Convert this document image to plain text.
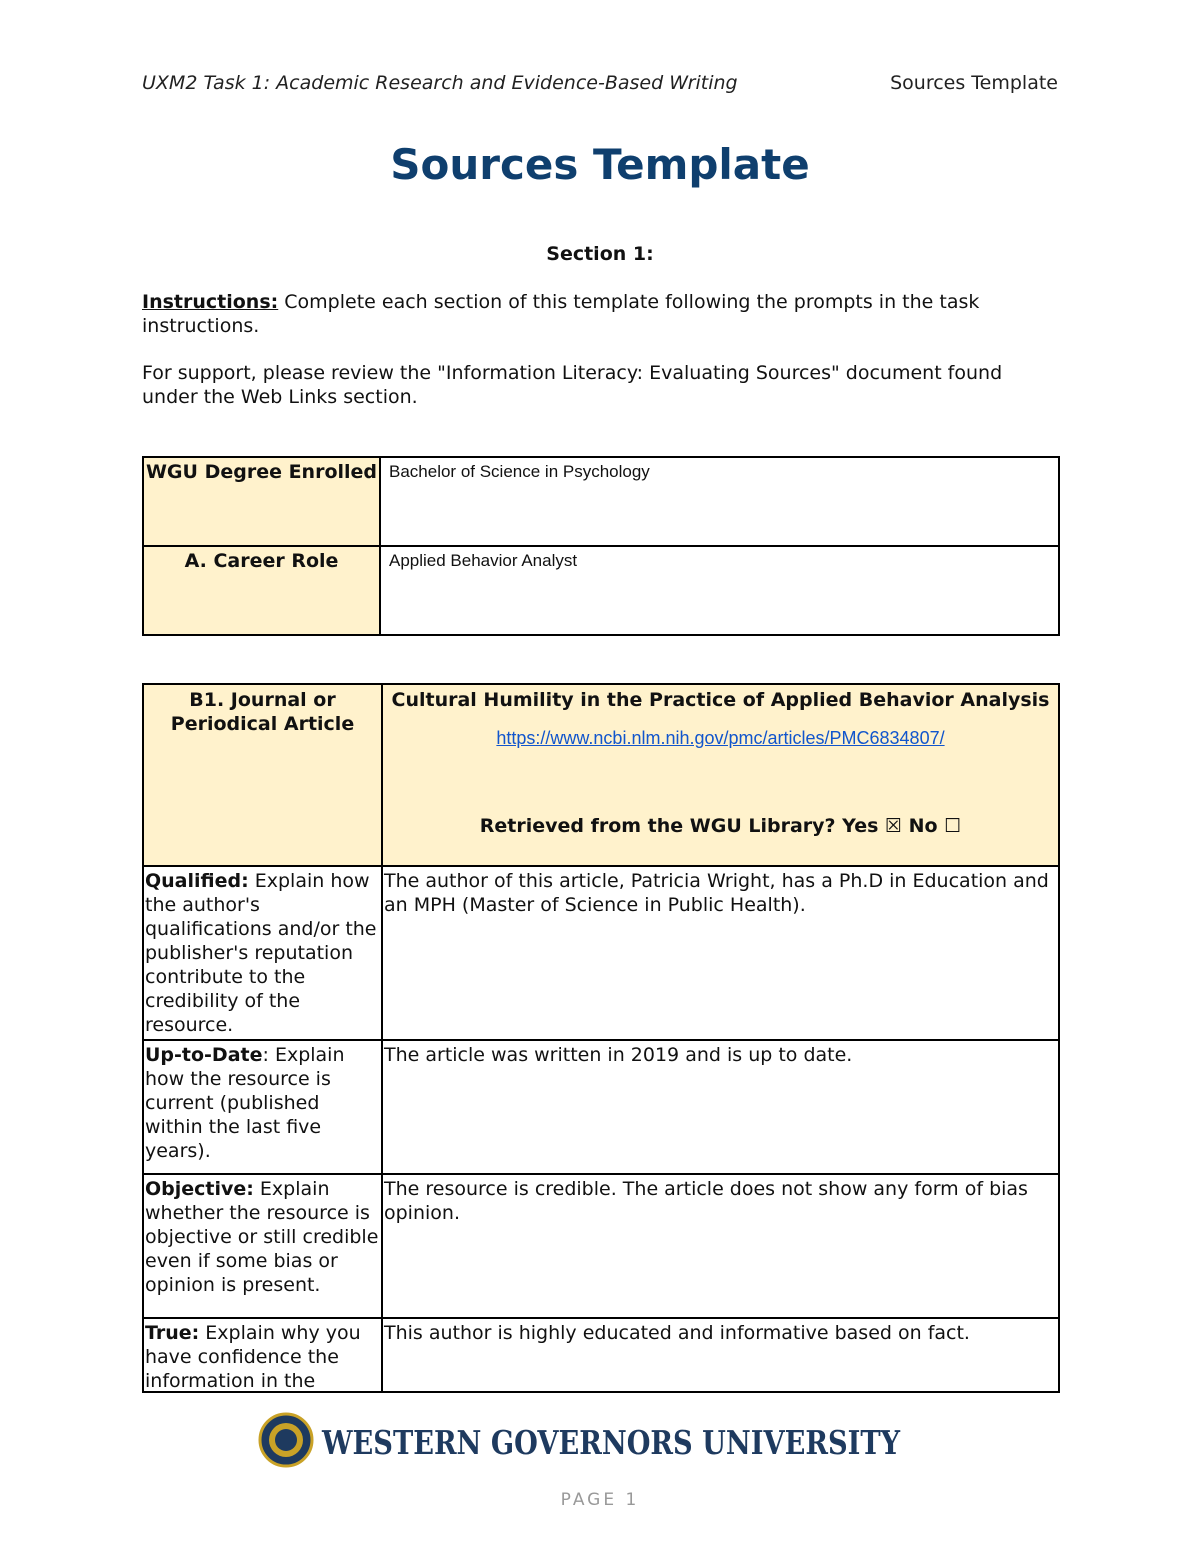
UXM2 Task 1: Academic Research and Evidence-Based Writing	Sources Template
Sources Template
Section 1:
Instructions: Complete each section of this template following the prompts in the task instructions.
For support, please review the "Information Literacy: Evaluating Sources" document found under the Web Links section.
WGU Degree Enrolled	Bachelor of Science in Psychology
A. Career Role	Applied Behavior Analyst
B1. Journal or Periodical Article	Cultural Humility in the Practice of Applied Behavior Analysis
https://www.ncbi.nlm.nih.gov/pmc/articles/PMC6834807/
Retrieved from the WGU Library? Yes ☒ No ☐

Qualified: Explain how the author's qualifications and/or the publisher's reputation contribute to the credibility of the resource.	The author of this article, Patricia Wright, has a Ph.D in Education and an MPH (Master of Science in Public Health).
Up-to-Date: Explain how the resource is current (published within the last five years).	The article was written in 2019 and is up to date.
Objective: Explain whether the resource is objective or still credible even if some bias or opinion is present.	The resource is credible. The article does not show any form of bias opinion.

True: Explain why you have confidence the information in the	This author is highly educated and informative based on fact.
WESTERN GOVERNORS UNIVERSITY
PAGE 1
